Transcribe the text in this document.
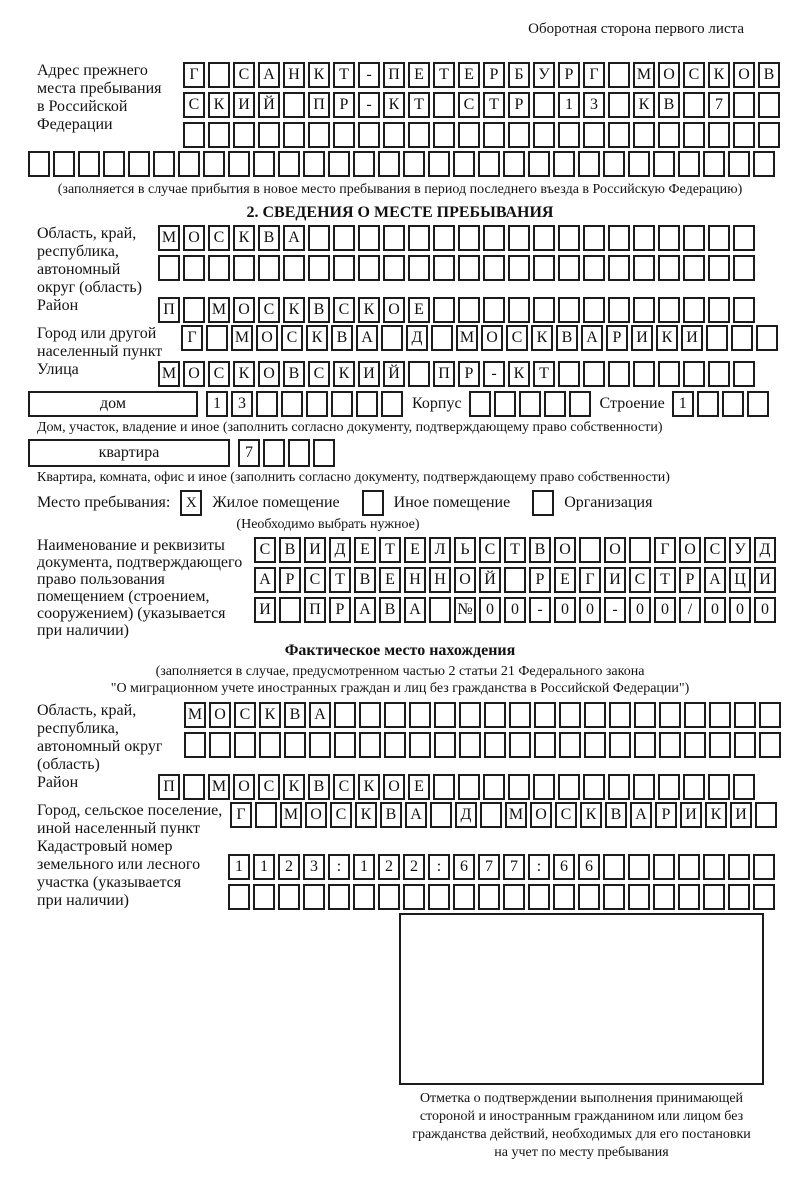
Оборотная сторона первого листа
Адрес прежнего
места пребывания
в Российской
Федерации
Г	С А Н К Т	-	П Е Т Е Р Б У Р Г	М О С К О В
С К И Й	П Р	-	К Т	С Т Р	1	3	К В	7
(заполняется в случае прибытия в новое место пребывания в период последнего въезда в Российскую Федерацию)
2. СВЕДЕНИЯ О МЕСТЕ ПРЕБЫВАНИЯ
Область, край,
республика,
автономный
округ (область)
М О С К В А
Район	П	М О С К В С К О Е
Город или другой
населенный пункт
Г	М О С К В А	Д	М О С К В А Р И К И
Улица	М О С К О В С К И Й	П Р	-	К Т
дом	1	3	Корпус	Строение 1
Дом, участок, владение и иное (заполнить согласно документу, подтверждающему право собственности)
квартира	7
Квартира, комната, офис и иное (заполнить согласно документу, подтверждающему право собственности)
Место пребывания:	X Жилое помещение	Иное помещение	Организация
(Необходимо выбрать нужное)
Наименование и реквизиты
документа, подтверждающего
право пользования
помещением (строением,
сооружением) (указывается
при наличии)
С В И Д Е Т Е Л Ь С Т В О	О	Г О С У Д
А Р С Т В Е Н Н О Й	Р Е Г И С Т Р А Ц И
И	П Р А В А	№ 0	0	-	0	0	-	0	0	/	0	0	0
Фактическое место нахождения
(заполняется в случае, предусмотренном частью 2 статьи 21 Федерального закона
"О миграционном учете иностранных граждан и лиц без гражданства в Российской Федерации")
Область, край,
республика,
автономный округ
(область)
М О С К В А
Район	П	М О С К В С К О Е
Город, сельское поселение,
иной населенный пункт
Г	М О С К В А	Д	М О С К В А Р И К И
Кадастровый номер
земельного или лесного
участка (указывается
при наличии)
1	1	2	3	:	1	2	2	:	6	7	7	:	6	6
Отметка о подтверждении выполнения принимающей
стороной и иностранным гражданином или лицом без
гражданства действий, необходимых для его постановки
на учет по месту пребывания
